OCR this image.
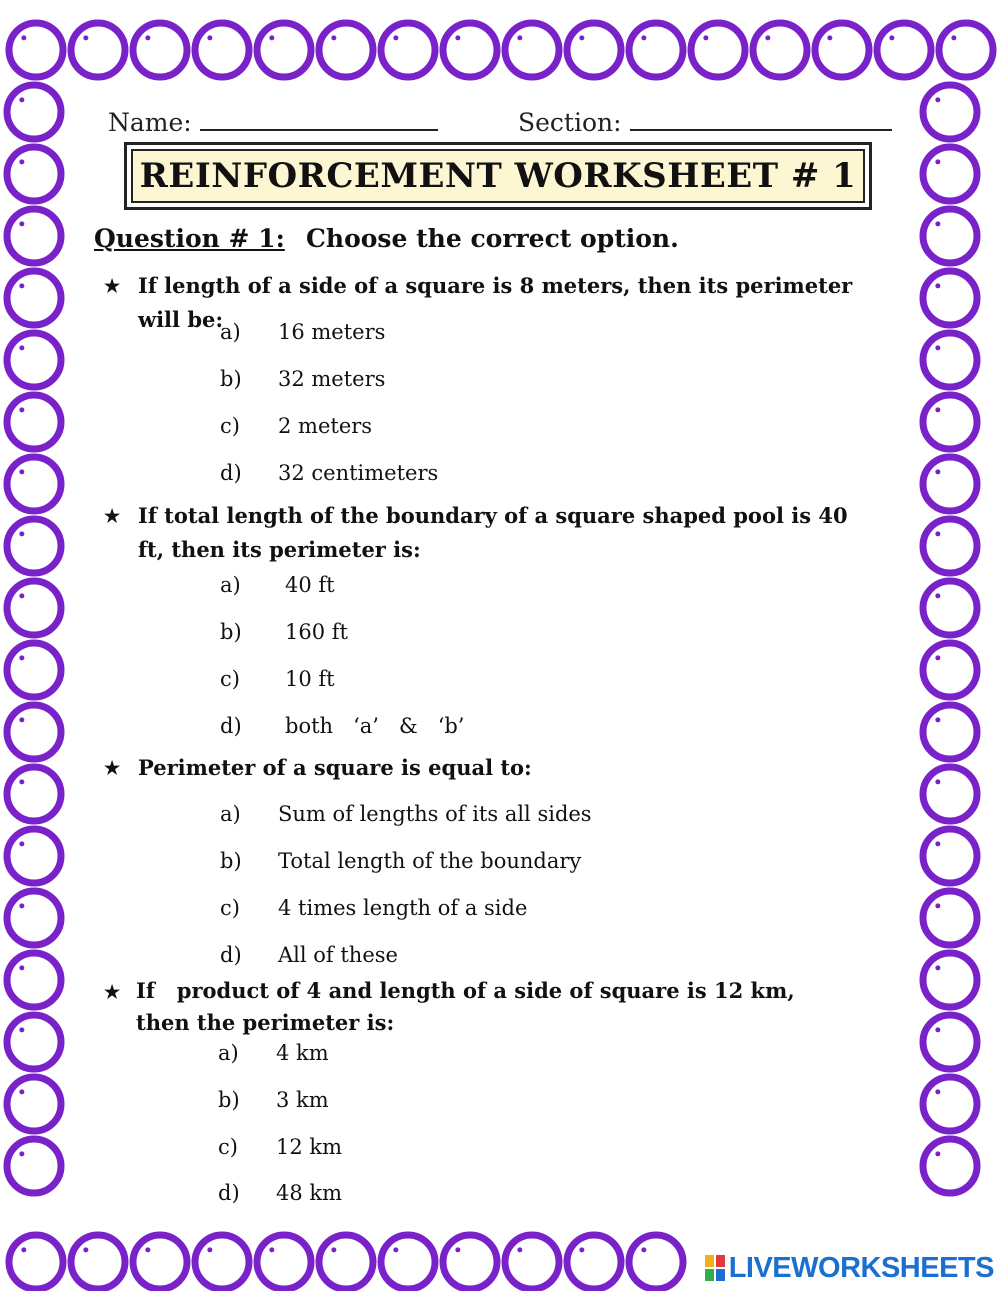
Name:	Section:
REINFORCEMENT WORKSHEET # 1
Question # 1: Choose the correct option.
★ If length of a side of a square is 8 meters, then its perimeter will be:
a) 16 meters
b) 32 meters
c) 2 meters
d) 32 centimeters
★ If total length of the boundary of a square shaped pool is 40 ft, then its perimeter is:
a) 40 ft
b) 160 ft
c) 10 ft
d) both   ‘a’   &   ‘b’
★ Perimeter of a square is equal to:
a) Sum of lengths of its all sides
b) Total length of the boundary
c) 4 times length of a side
d) All of these
★ If   product of 4 and length of a side of square is 12 km, then the perimeter is:
a) 4 km
b) 3 km
c) 12 km
d) 48 km
LIVEWORKSHEETS
